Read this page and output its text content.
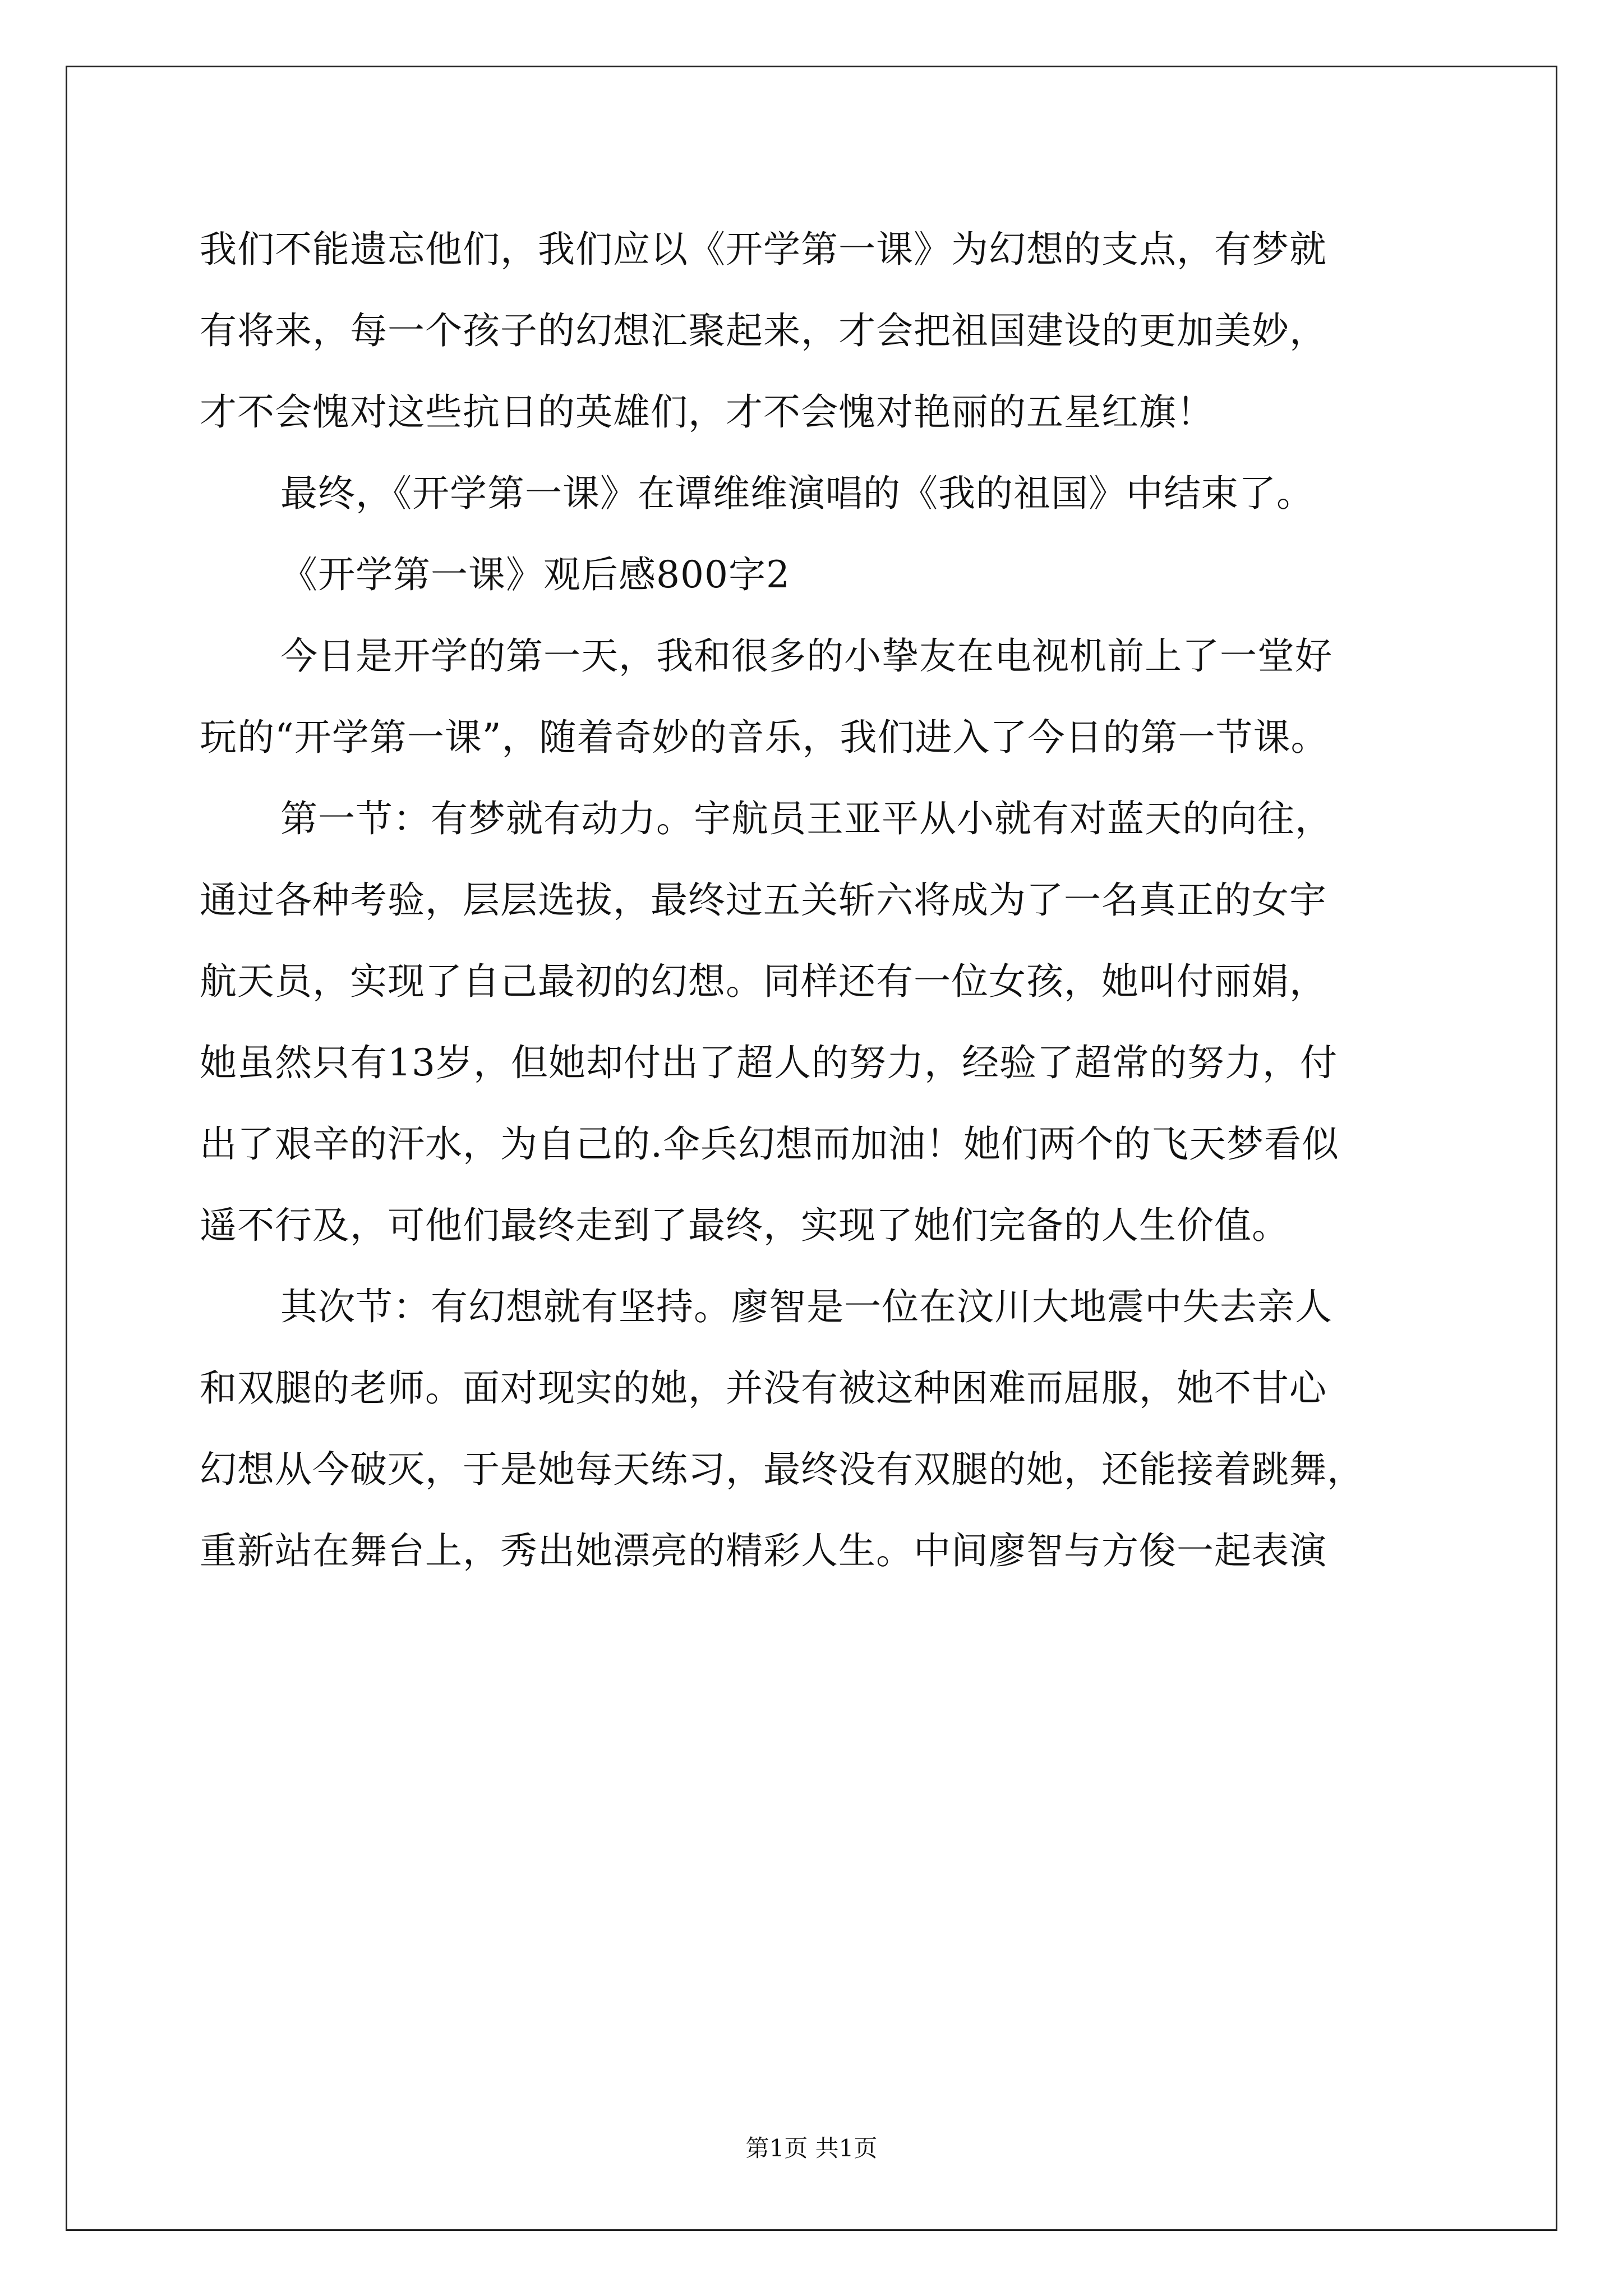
我们不能遗忘他们，我们应以《开学第一课》为幻想的支点，有梦就
有将来，每一个孩子的幻想汇聚起来，才会把祖国建设的更加美妙，
才不会愧对这些抗日的英雄们，才不会愧对艳丽的五星红旗！
最终，《开学第一课》在谭维维演唱的《我的祖国》中结束了。
《开学第一课》观后感800字2
今日是开学的第一天，我和很多的小挚友在电视机前上了一堂好
玩的“开学第一课”，随着奇妙的音乐，我们进入了今日的第一节课。
第一节：有梦就有动力。宇航员王亚平从小就有对蓝天的向往，
通过各种考验，层层选拔，最终过五关斩六将成为了一名真正的女宇
航天员，实现了自己最初的幻想。同样还有一位女孩，她叫付丽娟，
她虽然只有13岁，但她却付出了超人的努力，经验了超常的努力，付
出了艰辛的汗水，为自己的.伞兵幻想而加油！她们两个的飞天梦看似
遥不行及，可他们最终走到了最终，实现了她们完备的人生价值。
其次节：有幻想就有坚持。廖智是一位在汶川大地震中失去亲人
和双腿的老师。面对现实的她，并没有被这种困难而屈服，她不甘心
幻想从今破灭，于是她每天练习，最终没有双腿的她，还能接着跳舞，
重新站在舞台上，秀出她漂亮的精彩人生。中间廖智与方俊一起表演
第1页 共1页
